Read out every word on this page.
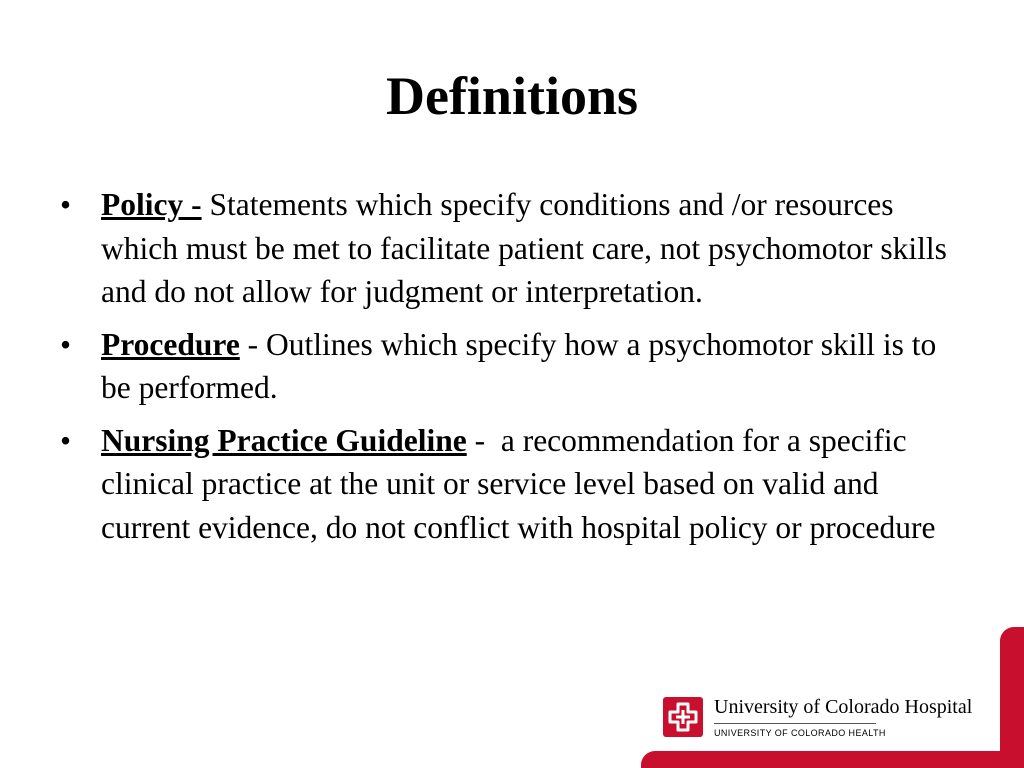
Definitions
• Policy - Statements which specify conditions and /or resources which must be met to facilitate patient care, not psychomotor skills and do not allow for judgment or interpretation.
• Procedure - Outlines which specify how a psychomotor skill is to be performed.
• Nursing Practice Guideline -  a recommendation for a specific clinical practice at the unit or service level based on valid and current evidence, do not conflict with hospital policy or procedure
University of Colorado Hospital
UNIVERSITY OF COLORADO HEALTH
